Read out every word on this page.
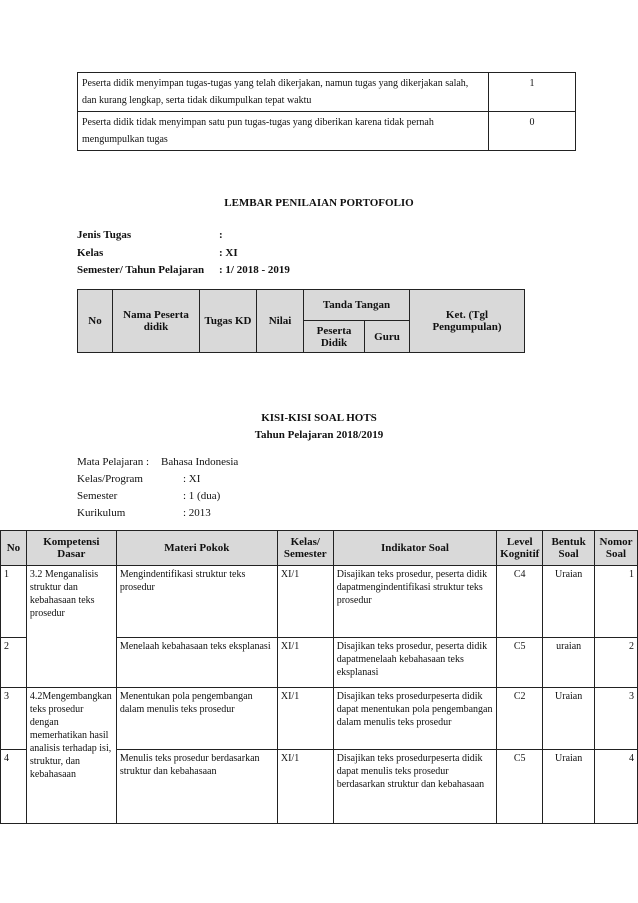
Peserta didik menyimpan tugas-tugas yang telah dikerjakan, namun tugas yang dikerjakan salah, dan kurang lengkap, serta tidak dikumpulkan tepat waktu	1
Peserta didik tidak menyimpan satu pun tugas-tugas yang diberikan karena tidak pernah mengumpulkan tugas	0
LEMBAR PENILAIAN PORTOFOLIO
Jenis Tugas	:
Kelas	: XI
Semester/ Tahun Pelajaran : 1/ 2018 - 2019
No	Nama Peserta didik	Tugas KD	Nilai	Tanda Tangan		Ket. (Tgl Pengumpulan)
				Peserta Didik	Guru	
KISI-KISI SOAL HOTS
Tahun Pelajaran 2018/2019
Mata Pelajaran : Bahasa Indonesia
Kelas/Program	: XI
Semester	: 1 (dua)
Kurikulum	: 2013
No	Kompetensi Dasar	Materi Pokok	Kelas/ Semester	Indikator Soal	Level Kognitif	Bentuk Soal	Nomor Soal
1	3.2 Menganalisis struktur dan kebahasaan teks prosedur	Mengindentifikasi struktur teks prosedur	XI/1	Disajikan teks prosedur, peserta didik dapatmengindentifikasi struktur teks prosedur	C4	Uraian	1
2		Menelaah kebahasaan teks eksplanasi	XI/1	Disajikan teks prosedur, peserta didik dapatmenelaah kebahasaan teks eksplanasi	C5	uraian	2
3	4.2Mengembangkan teks prosedur dengan memerhatikan hasil analisis terhadap isi, struktur, dan kebahasaan	Menentukan pola pengembangan dalam menulis teks prosedur	XI/1	Disajikan teks prosedurpeserta didik dapat menentukan pola pengembangan dalam menulis teks prosedur	C2	Uraian	3
4		Menulis teks prosedur berdasarkan struktur dan kebahasaan	XI/1	Disajikan teks prosedurpeserta didik dapat menulis teks prosedur berdasarkan struktur dan kebahasaan	C5	Uraian	4
